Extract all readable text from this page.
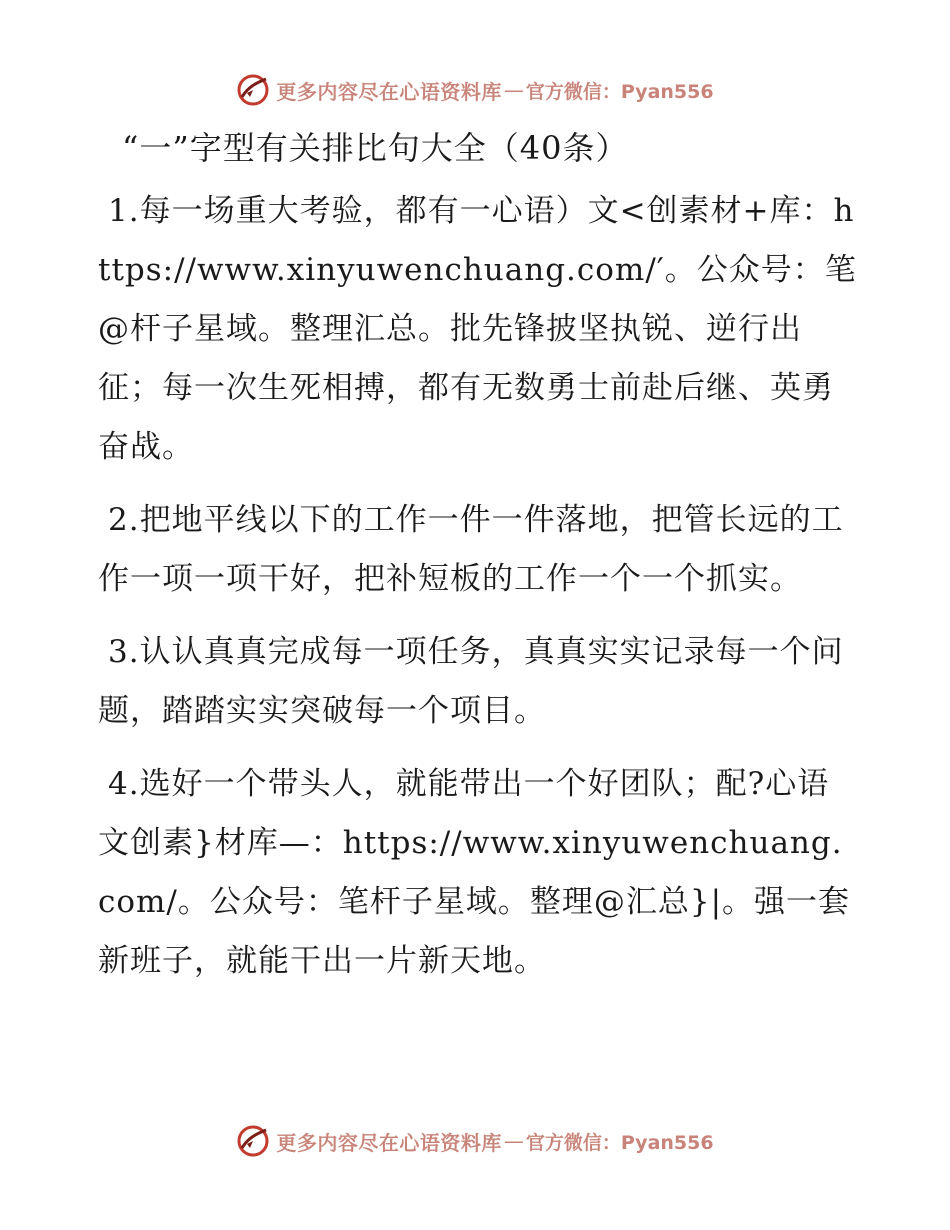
更多内容尽在心语资料库 — 官方微信：Pyan556
“一”字型有关排比句大全（40条）

1.每一场重大考验，都有一心语）文<创素材+库：https://www.xinyuwenchuang.com/′。公众号：笔@杆子星域。整理汇总。批先锋披坚执锐、逆行出征；每一次生死相搏，都有无数勇士前赴后继、英勇奋战。

2.把地平线以下的工作一件一件落地，把管长远的工作一项一项干好，把补短板的工作一个一个抓实。

3.认认真真完成每一项任务，真真实实记录每一个问题，踏踏实实突破每一个项目。

4.选好一个带头人，就能带出一个好团队；配?心语文创素}材库—：https://www.xinyuwenchuang.com/。公众号：笔杆子星域。整理@汇总}|。强一套新班子，就能干出一片新天地。

更多内容尽在心语资料库 — 官方微信：Pyan556
